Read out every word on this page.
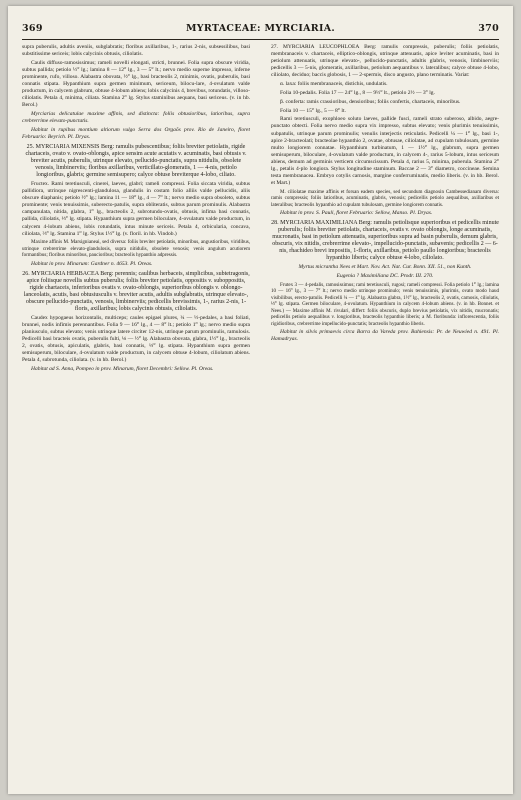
369	MYRTACEAE: MYRCIARIA.	370

supra puberulis, adultis aveniis, subglabratis; floribus axillaribus, 1-, rarius 2-nis, subsessilibus, basi substitissime sericeis; lobis calycinis obtusis, ciliolatis.

Caulis diffuso-ramosissimus; rameli novelli elongati, stricti, brunnei. Folia supra obscure viridia, subtus pallida; petiolo ½‴ lg.; lamina 8 — 12‴ lg., 3 — 5‴ lt.; nervo medio superne impresso, inferne prominente, rufo, villoso. Alabastra obovata, ½‴ lg., basi bracteolis 2, minimis, ovatis, puberulis, basi connatis stipata. Hypanthium supra germen minimum, sericeum, bilocu-lare, 4-ovulatum valde productum, in calycem glabrum, obtuse 4-lobum abiens; lobis calycinis 4, brevibus, rotundatis, villoso-ciliolatis. Petala 4, minima, ciliata. Stamina 2‴ lg. Stylus staminibus aequans, basi sericeus. (v. in hb. Berol.)

Myrciarias delicatulae maxime affinis, sed distincta: foliis obtusioribus, latioribus, supra crebrerrime elevato-punctatis.

Habitat in rupibus montium altiorum vulgo Serra dos Orgaõs prov. Rio de Janeiro, floret Februario: Beyrich. Pl. Dryas.

25. MYRCIARIA MIXENSIS Berg: ramulis pubescentibus; foliis breviter petiolatis, rigide chartaceis, ovato v. ovato-oblongis, apice sensim acute acutatis v. acuminatis, basi obtusis v. breviter acutis, puberulis, utrinque elevato, pellucido-punctatis, supra nitidulis, obsolete venosis, limbinerviis; floribus axillaribus, verticillato-glomeratis, 1 — 4-nis, petiolo longioribus, glabris; germine semisupero; calyce obtuse breviterque 4-lobo, ciliato.

Fructex. Rami teretiusculi, cinerei, laeves, glabri; rameli compressi. Folia siccata viridia, subtus pallidiora, utrinque nigrescenti-glandulosa, glandulis in costam folio alliis valde pellucidis, aliis obscure diaphanis; petiolo ½‴ lg.; lamina 11 — 18‴ lg., 4 — 7‴ lt.; nervo medio supra obsoleto, subtus prominente; venis tenuissimis, suberecto-patulis, supra obliteratis, subtus parum prominulis. Alabastra campanulata, nitida, glabra, 1‴ lg., bracteolis 2, subrotundo-ovatis, obtusis, infima basi connatis, pallida, ciliolatis, ⅓‴ lg. stipata. Hypanthium supra germen biloculare, 4-ovulatum valde productum, in calycem 4-lobum abiens, lobis rotundatis, intus minute sericeis. Petala 4, orbicularia, concava, ciliolata, ⅔‴ lg. Stamina 1‴ lg. Stylus 1½‴ lg. (v. floril. in hb. Vindob.)

Maxime affinis M. Marsignianeai, sed diversa: foliis breviter petiolatis, minoribus, angustioribus, viridibus, utrinque crebrerrime elevato-glandulosis, supra nitidulis, obsolete venosis; venis angulum acutiorem formantibus; floribus minoribus, paucioribus; bracteolis hypanthio adpressis.

Habitat in prov. Minarum: Gardner n. 4653. Pl. Oreas.

26. MYRCIARIA HERBACEA Berg: perennis; caulibus herbaceis, simplicibus, subtetragonis, apice foliisque novellis subtus puberulis; foliis breviter petiolatis, oppositis v. suboppositis, rigide chartaceis, inferioribus ovatis v. ovato-oblongis, superioribus oblongis v. oblongo-lanceolatis, acutis, basi obtusiusculis v. breviter acutis, adultis subglabratis, utrinque elevato-, obscure pellucido-punctatis, venosis, limbinerviis; pedicellis brevissimis, 1-, rarius 2-nis, 1-floris, axillaribus; lobis calycinis obtusis, ciliolatis.

Caudex hypogaeus horizontalis, multiceps; caules epigaei plures, ¼ — ½-pedales, a basi foliati, brunnei, nodis infimis perennantibus. Folia 9 — 16‴ lg., 4 — 8‴ lt.; petiolo 1‴ lg.; nervo medio supra planiusculo, subtus elevato; venis utrinque latere circiter 12-nis, utrinque parum prominulis, ramulosis. Pedicelli basi bracteis ovatis, puberulis fulti, ⅛ — ½‴ lg. Alabastra obovata, glabra, 1½‴ lg., bracteolis 2, ovatis, obtusis, apiculatis, glabris, basi connatis, ⅓‴ lg. stipata. Hypanthium supra germen semisuperum, biloculare, 4-ovulatum valde productum, in calycem obtuse 4-lobum, ciliolatum abiens. Petala 4, subrotunda, ciliolata. (v. in hb. Berol.)

Habitat ad S. Anna, Pompeo in prov. Minarum, floret Decembri: Sellow. Pl. Oreas.

27. MYRCIARIA LEUCOPHLOEA Berg: ramulis compressis, puberulis; foliis petiolatis, membranaceis v. chartaceis, elliptico-oblongis, utrinque attenuatis, apice leviter acuminatis, basi in petiolum attenuatis, utrinque elevato-, pellucido-punctatis, adultis glabris, venosis, limbinerviis; pedicellis 3 — 5-nis, glomeratis, axillaribus, petiolum aequantibus v. lateralibus; calyce obtuse 4-lobo, ciliolato, deciduo; baccis globosis, 1 — 2-spermis, disco angusto, plano terminatis. Variat:

α. laxa: foliis membranaceis, distichis, undulatis.

Folia 10-pedalis. Folia 17 — 24‴ lg., 8 — 9½‴ lt., petiolo 2½ — 3‴ lg.

β. conferta: ramis crassioribus, densioribus; foliis confertis, chartaceis, minoribus.

Folia 10 — 15‴ lg., 5 — 8‴ lt.

Rami teretiusculi, exophloeo soluto laeves, pallide fusci, rameli strato suberoso, albido, aegre-punctato obtecti. Folia nervo medio supra vix impresso, subtus elevato; venis plurimis tenuissimis, subpatulis, utrinque parum prominulis; venulis interjectis reticulatis. Pedicelli ¼ — 1‴ lg., basi 1-, apice 2-bracteolati; bracteolae hypanthio 2, ovatae, obtusae, ciliolatae, ad cupulam tubulosam, germine multo longiorem connatae. Hypanthium turbinatum, 1 — 1½‴ lg., glabrum, supra germen semisuperum, biloculare, 4-ovulatum valde productum, in calycem 4-, rarius 5-lobum, intus sericeum abiens, demum ad germinis verticem circumscissum. Petala 4, rarius 5, minima, puberula. Stamina 2‴ lg., petalis 4-plo longiora. Stylus longitudine staminum. Baccae 2 — 3‴ diametro, coccineae. Semina testa membranacea. Embryo cotylis carnosis, margine conferruminatis, medio liberis. (v. in hb. Berol. et Mart.)

M. ciliolatae maxime affinis et forsan eadem species, sed secundum diagnosin Cambessedianam diversa: ramis compressis; foliis latioribus, acuminatis, glabris, venosis; pedicellis petiolo aequalibus, axillaribus et lateralibus; bracteolis hypanthio ad cupulam tubulosam, germine longiorem connatis.

Habitat in prov. S. Pauli, floret Februario: Sellow, Manso. Pl. Dryas.

28. MYRCIARIA MAXIMILIANA Berg: ramulis petiolisque superioribus et pedicellis minute puberulis; foliis breviter petiolatis, chartaceis, ovatis v. ovato oblongis, longe acuminatis, mucronatis, basi in petiolum attenuatis, superioribus supra ad basin puberulis, demum glabris, obscuris, vix nitidis, crebrerrime elevato-, impellucido-punctatis, subavenis; pedicellis 2 — 6-nis, rhachideo brevi impositis, 1-floris, axillaribus, petiolo paullo longioribus; bracteolis hypanthio liberis; calyce obtuse 4-lobo, ciliolato.

Myrtus micrantha Nees et Mart. Nov. Act. Nat. Cur. Bonn. XII. 51., non Kunth.

Eugenia ? Maximiliana DC. Prodr. III. 270.

Frutex 3 — 4-pedalis, ramosissimus; rami teretiusculi, rugosi; rameli compressi. Folia petiolo 1‴ lg.; lamina 10 — 16‴ lg., 3 — 7‴ lt.; nervo medio utrinque prominulo; venis tenuissimis, plurimis, ovato modo haud visibilibus, erecto-patulis. Pedicelli ¼ — 1‴ lg. Alabastra glabra, 1½‴ lg., bracteolis 2, ovatis, carnosis, ciliolatis, ⅓‴ lg. stipata. Germen biloculare, 4-ovulatum. Hypanthium in calycem 4-lobum abiens. (v. in hb. Bonnet. et Nees.) — Maxime affinis M. rivulari, differt: foliis obscuris, duplo brevius petiolatis, vix nitidis, mucronatis; pedicellis petiolo aequalibus v. longioribus, bracteolis hypanthio liberis; a M. floribunda: inflorescentia, foliis rigidioribus, crebrerrime impellucido-punctatis; bracteolis hypanthio liberis.

Habitat in silvis primaevis circa Barra da Vareda prov. Bahiensis: Pr. de Neuwied n. 491. Pl. Hamadryas.
